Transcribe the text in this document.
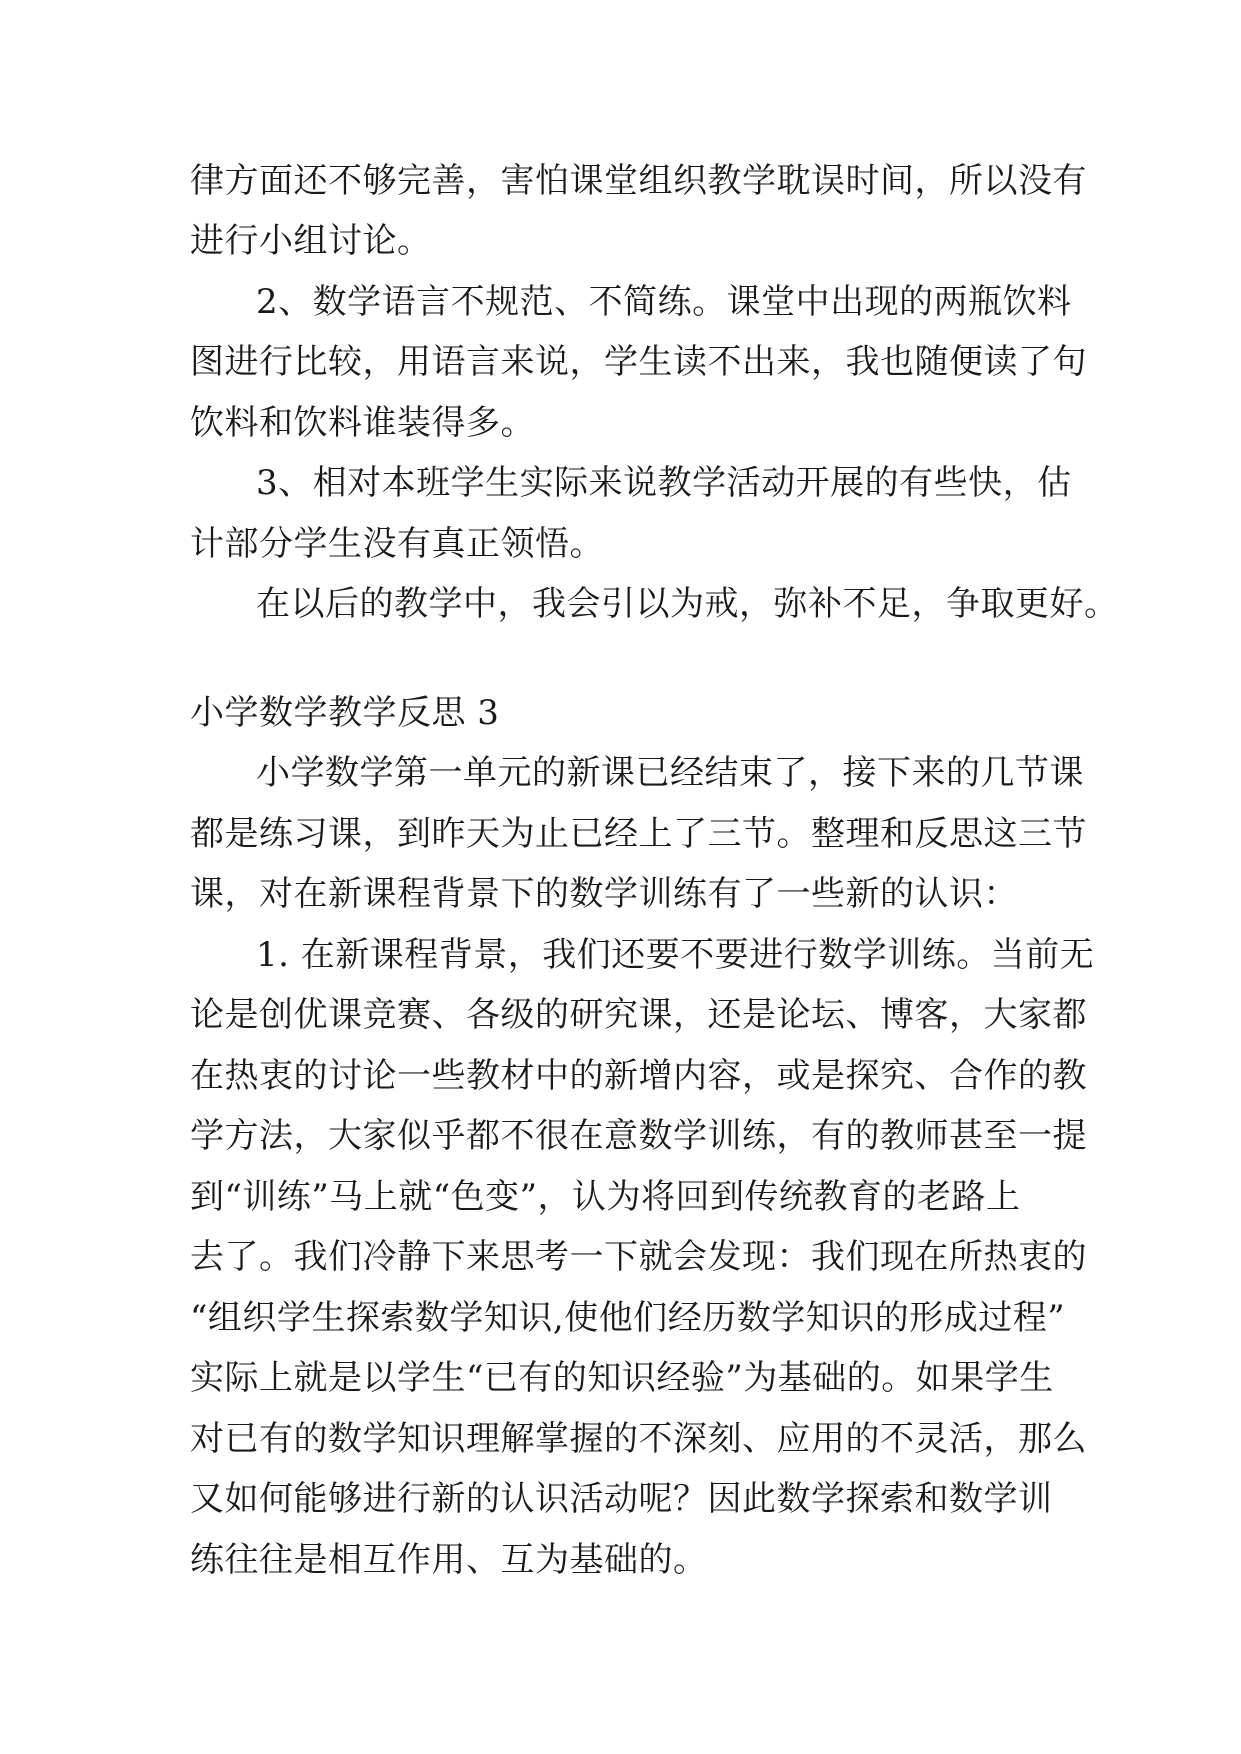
律方面还不够完善，害怕课堂组织教学耽误时间，所以没有
进行小组讨论。
2、数学语言不规范、不简练。课堂中出现的两瓶饮料
图进行比较，用语言来说，学生读不出来，我也随便读了句
饮料和饮料谁装得多。
3、相对本班学生实际来说教学活动开展的有些快，估
计部分学生没有真正领悟。
在以后的教学中，我会引以为戒，弥补不足，争取更好。
小学数学教学反思 3
小学数学第一单元的新课已经结束了，接下来的几节课
都是练习课，到昨天为止已经上了三节。整理和反思这三节
课，对在新课程背景下的数学训练有了一些新的认识：
1. 在新课程背景，我们还要不要进行数学训练。当前无
论是创优课竞赛、各级的研究课，还是论坛、博客，大家都
在热衷的讨论一些教材中的新增内容，或是探究、合作的教
学方法，大家似乎都不很在意数学训练，有的教师甚至一提
到“训练”马上就“色变”，认为将回到传统教育的老路上
去了。我们冷静下来思考一下就会发现：我们现在所热衷的
“组织学生探索数学知识,使他们经历数学知识的形成过程”
实际上就是以学生“已有的知识经验”为基础的。如果学生
对已有的数学知识理解掌握的不深刻、应用的不灵活，那么
又如何能够进行新的认识活动呢？因此数学探索和数学训
练往往是相互作用、互为基础的。
